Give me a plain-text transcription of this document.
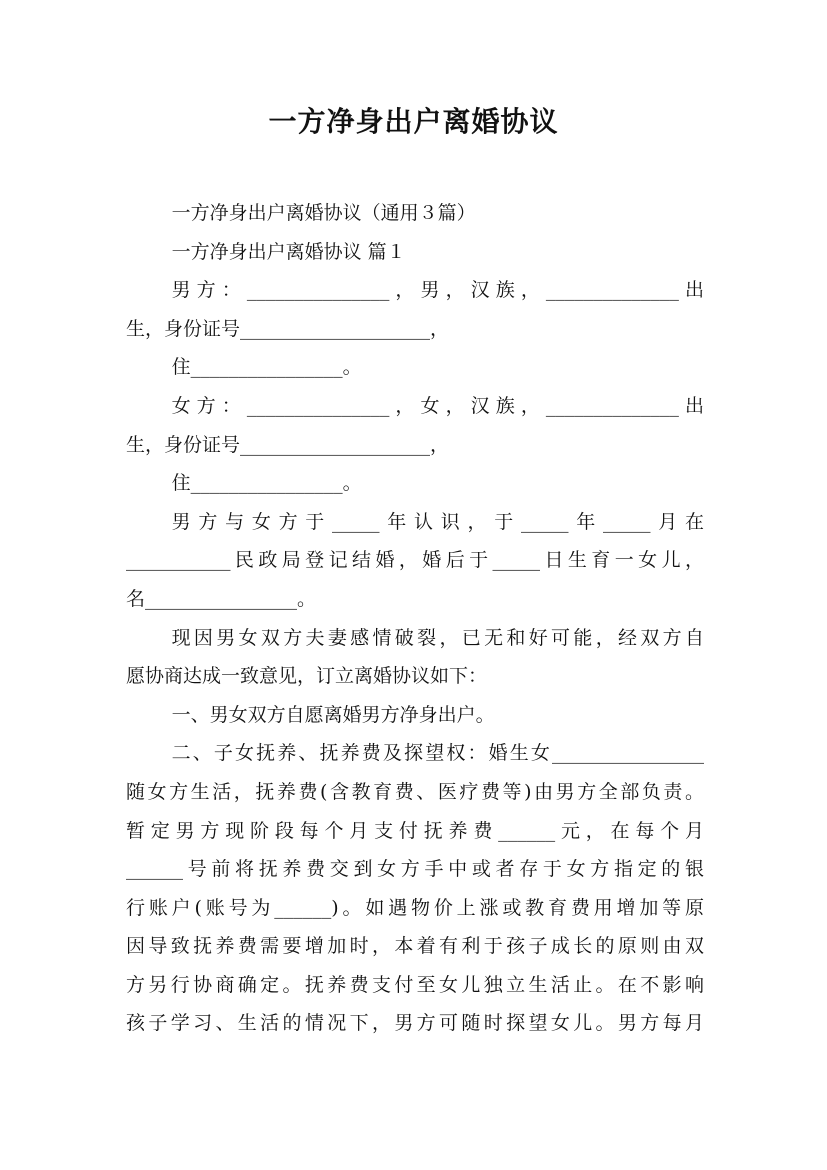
一方净身出户离婚协议

一方净身出户离婚协议（通用３篇）

一方净身出户离婚协议 篇１

男方：_______________，男，汉族，______________出

生，身份证号____________________，

住________________。

女方：_______________，女，汉族，______________出

生，身份证号____________________，

住________________。

男方与女方于_____年认识，于_____年_____月在

___________民政局登记结婚，婚后于_____日生育一女儿，

名________________。

现因男女双方夫妻感情破裂，已无和好可能，经双方自

愿协商达成一致意见，订立离婚协议如下：

一、男女双方自愿离婚男方净身出户。

二、子女抚养、抚养费及探望权：婚生女________________

随女方生活，抚养费(含教育费、医疗费等)由男方全部负责。

暂定男方现阶段每个月支付抚养费______元，在每个月

______号前将抚养费交到女方手中或者存于女方指定的银

行账户(账号为______)。如遇物价上涨或教育费用增加等原

因导致抚养费需要增加时，本着有利于孩子成长的原则由双

方另行协商确定。抚养费支付至女儿独立生活止。在不影响

孩子学习、生活的情况下，男方可随时探望女儿。男方每月
